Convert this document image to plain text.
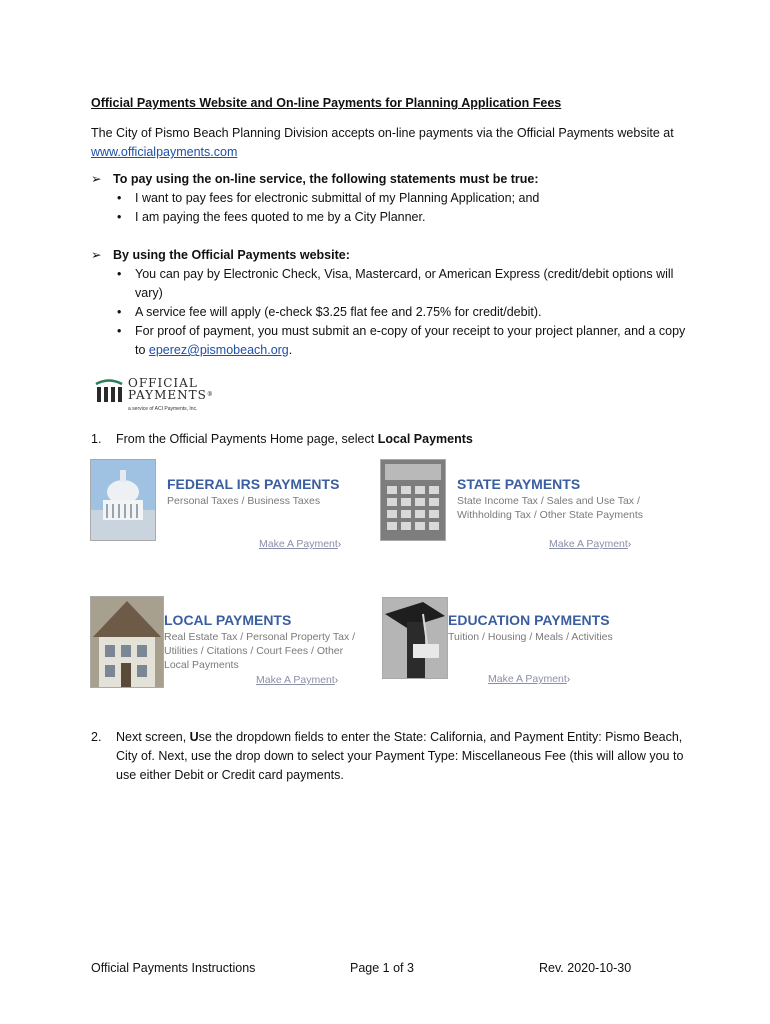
Official Payments Website and On-line Payments for Planning Application Fees
The City of Pismo Beach Planning Division accepts on-line payments via the Official Payments website at
www.officialpayments.com
➢ To pay using the on-line service, the following statements must be true:
• I want to pay fees for electronic submittal of my Planning Application; and
• I am paying the fees quoted to me by a City Planner.
➢ By using the Official Payments website:
• You can pay by Electronic Check, Visa, Mastercard, or American Express (credit/debit options will vary)
• A service fee will apply (e-check $3.25 flat fee and 2.75% for credit/debit).
• For proof of payment, you must submit an e-copy of your receipt to your project planner, and a copy to eperez@pismobeach.org.
OFFICIAL
PAYMENTS®
a service of ACI Payments, Inc.
1. From the Official Payments Home page, select Local Payments
FEDERAL IRS PAYMENTS
Personal Taxes / Business Taxes
Make A Payment›
STATE PAYMENTS
State Income Tax / Sales and Use Tax / Withholding Tax / Other State Payments
Make A Payment›
LOCAL PAYMENTS
Real Estate Tax / Personal Property Tax / Utilities / Citations / Court Fees / Other Local Payments
Make A Payment›
EDUCATION PAYMENTS
Tuition / Housing / Meals / Activities
Make A Payment›
2. Next screen, Use the dropdown fields to enter the State: California, and Payment Entity: Pismo Beach, City of. Next, use the drop down to select your Payment Type: Miscellaneous Fee (this will allow you to use either Debit or Credit card payments.
Official Payments Instructions	Page 1 of 3	Rev. 2020-10-30
